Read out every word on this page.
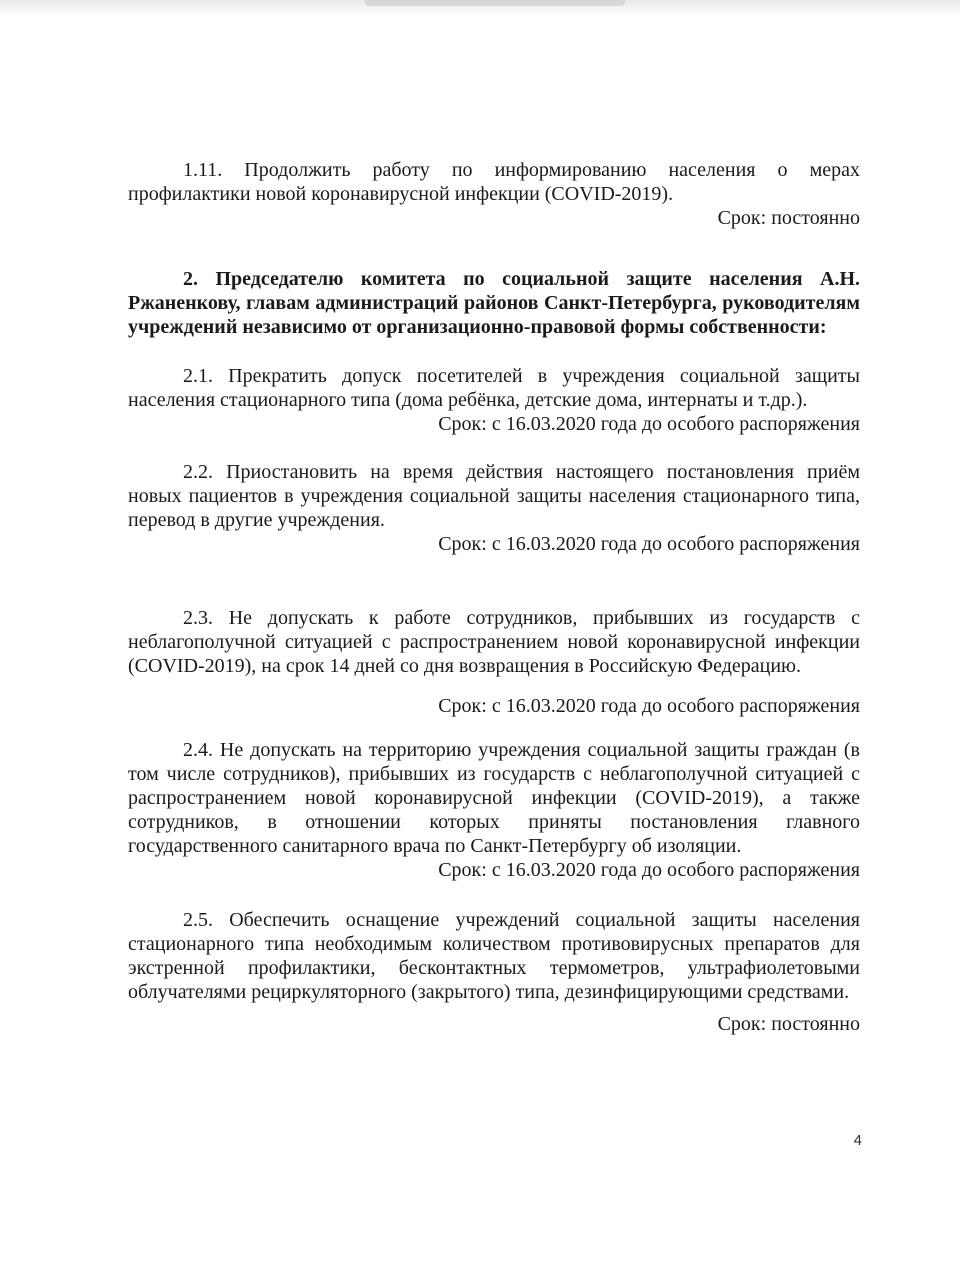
1.11. Продолжить работу по информированию населения о мерах профилактики новой коронавирусной инфекции (COVID-2019).

Срок: постоянно

2. Председателю комитета по социальной защите населения А.Н. Ржаненкову, главам администраций районов Санкт-Петербурга, руководителям учреждений независимо от организационно-правовой формы собственности:

2.1. Прекратить допуск посетителей в учреждения социальной защиты населения стационарного типа (дома ребёнка, детские дома, интернаты и т.др.).

Срок: с 16.03.2020 года до особого распоряжения

2.2. Приостановить на время действия настоящего постановления приём новых пациентов в учреждения социальной защиты населения стационарного типа, перевод в другие учреждения.

Срок: с 16.03.2020 года до особого распоряжения

2.3. Не допускать к работе сотрудников, прибывших из государств с неблагополучной ситуацией с распространением новой коронавирусной инфекции (COVID-2019), на срок 14 дней со дня возвращения в Российскую Федерацию.

Срок: с 16.03.2020 года до особого распоряжения

2.4. Не допускать на территорию учреждения социальной защиты граждан (в том числе сотрудников), прибывших из государств с неблагополучной ситуацией с распространением новой коронавирусной инфекции (COVID-2019), а также сотрудников, в отношении которых приняты постановления главного государственного санитарного врача по Санкт-Петербургу об изоляции.

Срок: с 16.03.2020 года до особого распоряжения

2.5. Обеспечить оснащение учреждений социальной защиты населения стационарного типа необходимым количеством противовирусных препаратов для экстренной профилактики, бесконтактных термометров, ультрафиолетовыми облучателями рециркуляторного (закрытого) типа, дезинфицирующими средствами.

Срок: постоянно

4
